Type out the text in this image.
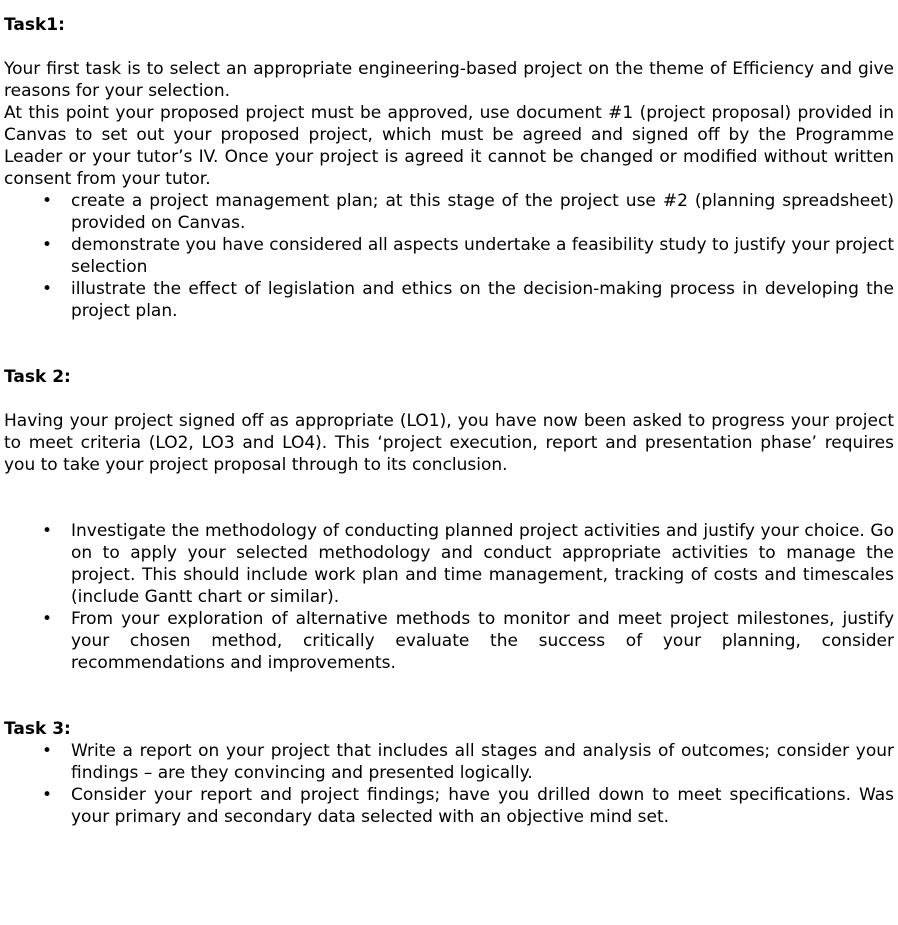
Task1:

Your first task is to select an appropriate engineering-based project on the theme of Efficiency and give reasons for your selection.

At this point your proposed project must be approved, use document #1 (project proposal) provided in Canvas to set out your proposed project, which must be agreed and signed off by the Programme Leader or your tutor’s IV. Once your project is agreed it cannot be changed or modified without written consent from your tutor.

• create a project management plan; at this stage of the project use #2 (planning spreadsheet) provided on Canvas.
• demonstrate you have considered all aspects undertake a feasibility study to justify your project selection
• illustrate the effect of legislation and ethics on the decision-making process in developing the project plan.
Task 2:

Having your project signed off as appropriate (LO1), you have now been asked to progress your project to meet criteria (LO2, LO3 and LO4). This ‘project execution, report and presentation phase’ requires you to take your project proposal through to its conclusion.

• Investigate the methodology of conducting planned project activities and justify your choice. Go on to apply your selected methodology and conduct appropriate activities to manage the project. This should include work plan and time management, tracking of costs and timescales (include Gantt chart or similar).
• From your exploration of alternative methods to monitor and meet project milestones, justify your chosen method, critically evaluate the success of your planning, consider recommendations and improvements.
Task 3:
• Write a report on your project that includes all stages and analysis of outcomes; consider your findings – are they convincing and presented logically.
• Consider your report and project findings; have you drilled down to meet specifications. Was your primary and secondary data selected with an objective mind set.
